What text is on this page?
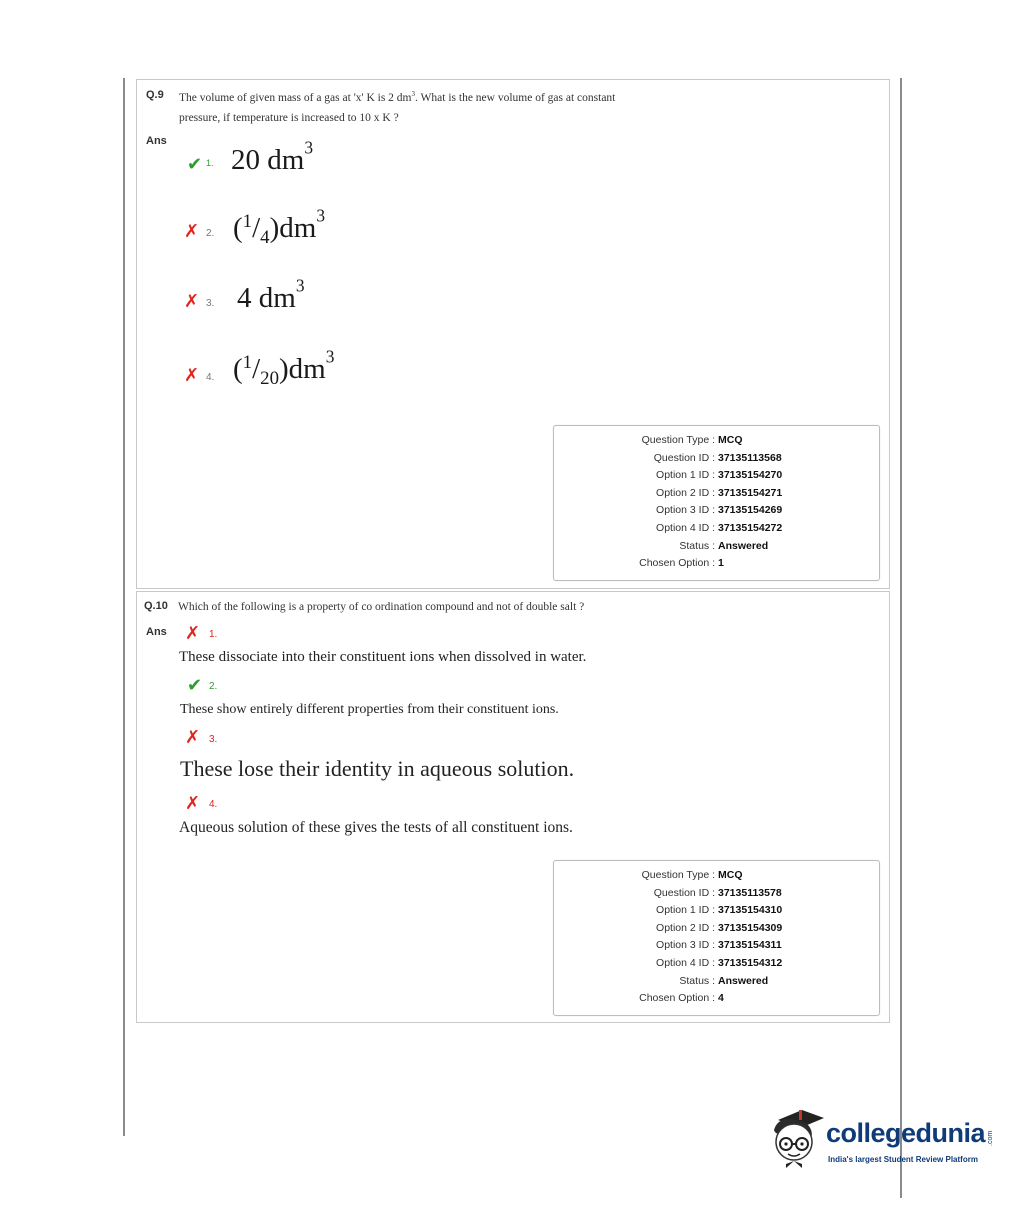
Q.9 The volume of given mass of a gas at 'x' K is 2 $dm^3$. What is the new volume of gas at constant
pressure, if temperature is increased to 10 x K ?
Ans
✔ 1. 20 $dm^3$
✗ 2. $(^1/4)dm^3$
✗ 3. 4 $dm^3$
✗ 4. $(^1/20)dm^3$
Question Type : MCQ
Question ID : 37135113568
Option 1 ID : 37135154270
Option 2 ID : 37135154271
Option 3 ID : 37135154269
Option 4 ID : 37135154272
Status : Answered
Chosen Option : 1
Q.10 Which of the following is a property of co ordination compound and not of double salt ?
Ans ✗ 1.
These dissociate into their constituent ions when dissolved in water.
✔ 2.
These show entirely different properties from their constituent ions.
✗ 3.
These lose their identity in aqueous solution.
✗ 4.
Aqueous solution of these gives the tests of all constituent ions.
Question Type : MCQ
Question ID : 37135113578
Option 1 ID : 37135154310
Option 2 ID : 37135154309
Option 3 ID : 37135154311
Option 4 ID : 37135154312
Status : Answered
Chosen Option : 4
collegedunia .com
India's largest Student Review Platform
